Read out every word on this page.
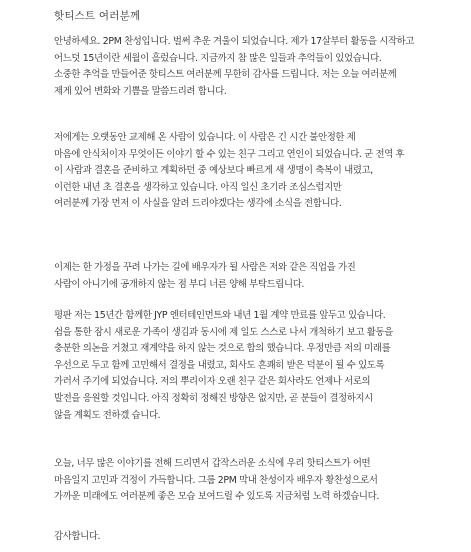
핫티스트 여러분께
안녕하세요. 2PM 찬성입니다. 벌써 추운 겨울이 되었습니다. 제가 17살부터 활동을 시작하고
어느덧 15년이란 세월이 흘렀습니다. 지금까지 참 많은 일들과 추억들이 있었습니다.
소중한 추억을 만들어준 핫티스트 여러분께 무한히 감사를 드립니다. 저는 오늘 여러분께
제게 있어 변화와 기쁨을 말씀드리려 합니다.
저에게는 오랫동안 교제해 온 사람이 있습니다. 이 사람은 긴 시간 불안정한 제
마음에 안식처이자 무엇이든 이야기 할 수 있는 친구 그리고 연인이 되었습니다. 군 전역 후
이 사람과 결혼을 준비하고 계획하던 중 예상보다 빠르게 새 생명이 축복이 내렸고,
이런한 내년 초 결혼을 생각하고 있습니다. 아직 일신 초기라 조심스럽지만
여러분께 가장 먼저 이 사실을 알려 드리야겠다는 생각에 소식을 전합니다.
이제는 한 가정을 꾸려 나가는 길에 배우자가 될 사람은 저와 같은 직업을 가진
사람이 아니기에 공개하지 않는 점 부디 너른 양해 부탁드립니다.
평판 저는 15년간 함께한 JYP 엔터테인먼트와 내년 1월 계약 만료를 앞두고 있습니다.
쉼을 통한 잠시 새로운 가족이 생김과 동시에 제 일도 스스로 나서 개척하기 보고 활동을
충분한 의논을 거쳤고 재계약을 하지 않는 것으로 합의 했습니다. 우정만큼 저의 미래를
우선으로 두고 함께 고민해서 결정을 내렸고, 회사도 흔쾌히 받은 덕분이 될 수 있도록
가러서 주기에 되었습니다. 저의 뿌리이자 오랜 친구 같은 회사라도 언제나 서로의
발전을 응원할 것입니다. 아직 정확히 정해진 방향은 없지만, 곧 분들이 결정하지시
않을 계획도 전하겠 습니다.
오늘, 너무 많은 이야기를 전해 드리면서 갑작스러운 소식에 우리 핫티스트가 어떤
마음일지 고민과 걱정이 가득합니다. 그룹 2PM 막내 찬성이자 배우자 황찬성으로서
가까운 미래에도 여러분께 좋은 모습 보여드릴 수 있도록 지금처럼 노력 하겠습니다.
감사합니다.
